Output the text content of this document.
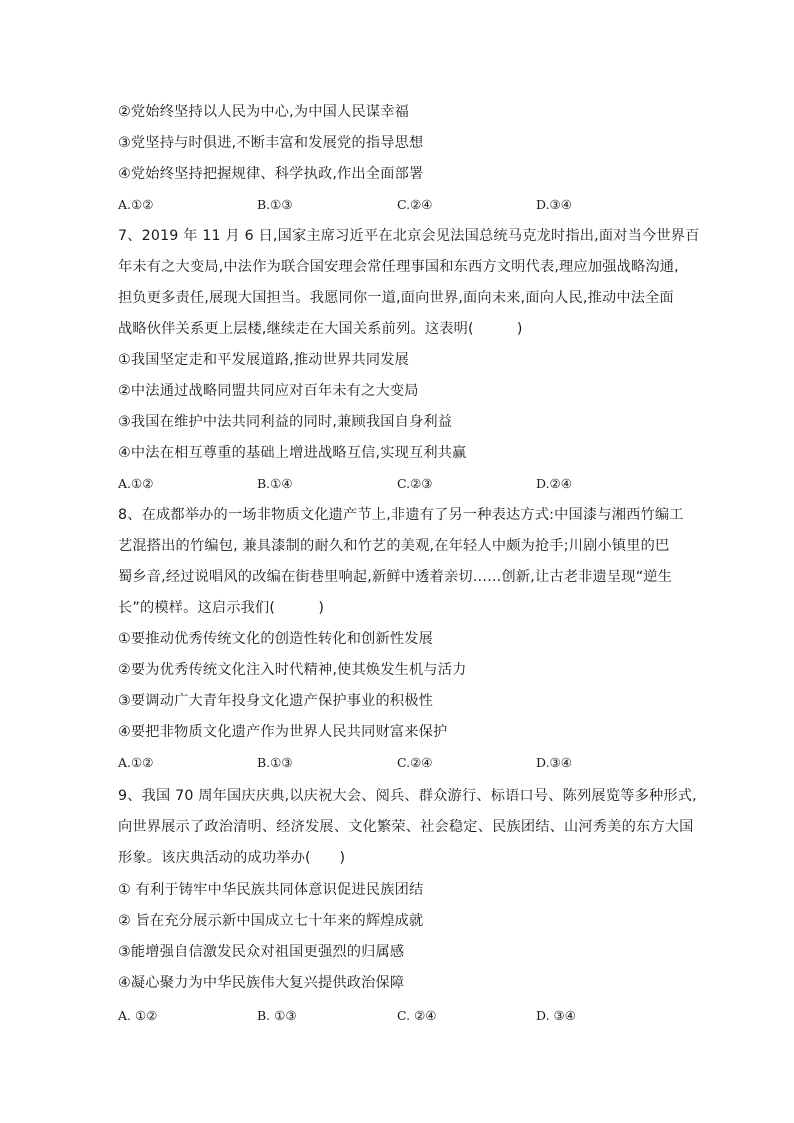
②党始终坚持以人民为中心,为中国人民谋幸福
③党坚持与时俱进,不断丰富和发展党的指导思想
④党始终坚持把握规律、科学执政,作出全面部署
A.①②	B.①③	C.②④	D.③④
7、2019 年 11 月 6 日,国家主席习近平在北京会见法国总统马克龙时指出,面对当今世界百
年未有之大变局,中法作为联合国安理会常任理事国和东西方文明代表,理应加强战略沟通,
担负更多责任,展现大国担当。我愿同你一道,面向世界,面向未来,面向人民,推动中法全面
战略伙伴关系更上层楼,继续走在大国关系前列。这表明(　　　)
①我国坚定走和平发展道路,推动世界共同发展
②中法通过战略同盟共同应对百年未有之大变局
③我国在维护中法共同利益的同时,兼顾我国自身利益
④中法在相互尊重的基础上增进战略互信,实现互利共赢
A.①②	B.①④	C.②③	D.②④
8、在成都举办的一场非物质文化遗产节上,非遗有了另一种表达方式:中国漆与湘西竹编工
艺混搭出的竹编包, 兼具漆制的耐久和竹艺的美观,在年轻人中颇为抢手;川剧小镇里的巴
蜀乡音,经过说唱风的改编在街巷里响起,新鲜中透着亲切……创新,让古老非遗呈现“逆生
长”的模样。这启示我们(　　　)
①要推动优秀传统文化的创造性转化和创新性发展
②要为优秀传统文化注入时代精神,使其焕发生机与活力
③要调动广大青年投身文化遗产保护事业的积极性
④要把非物质文化遗产作为世界人民共同财富来保护
A.①②	B.①③	C.②④	D.③④
9、我国 70 周年国庆庆典,以庆祝大会、阅兵、群众游行、标语口号、陈列展览等多种形式,
向世界展示了政治清明、经济发展、文化繁荣、社会稳定、民族团结、山河秀美的东方大国
形象。该庆典活动的成功举办(　　)
① 有利于铸牢中华民族共同体意识促进民族团结
② 旨在充分展示新中国成立七十年来的辉煌成就
③能增强自信激发民众对祖国更强烈的归属感
④凝心聚力为中华民族伟大复兴提供政治保障
A. ①②	B. ①③	C. ②④	D. ③④
